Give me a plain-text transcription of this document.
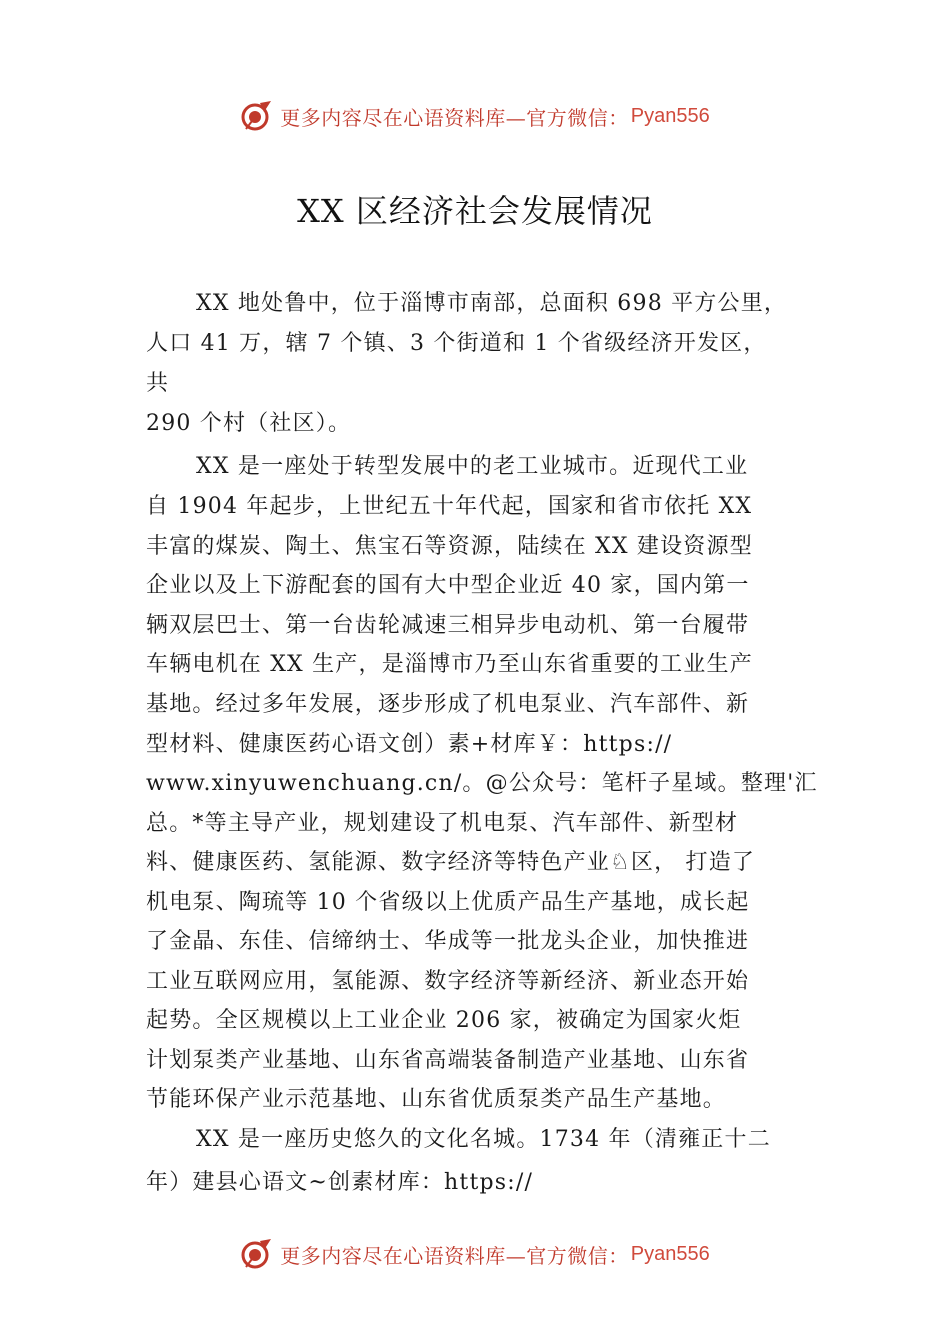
更多内容尽在心语资料库—官方微信： Pyan556
XX 区经济社会发展情况
XX 地处鲁中，位于淄博市南部，总面积 698 平方公里，
人口 41 万，辖 7 个镇、3 个街道和 1 个省级经济开发区，
共
290 个村（社区）。
XX 是一座处于转型发展中的老工业城市。近现代工业
自 1904 年起步，上世纪五十年代起，国家和省市依托 XX
丰富的煤炭、陶土、焦宝石等资源，陆续在 XX 建设资源型
企业以及上下游配套的国有大中型企业近 40 家，国内第一
辆双层巴士、第一台齿轮减速三相异步电动机、第一台履带
车辆电机在 XX 生产，是淄博市乃至山东省重要的工业生产
基地。经过多年发展，逐步形成了机电泵业、汽车部件、新
型材料、健康医药心语文创）素+材库￥：https://
www.xinyuwenchuang.cn/。@公众号：笔杆子星域。整理'汇
总。*等主导产业，规划建设了机电泵、汽车部件、新型材
料、健康医药、氢能源、数字经济等特色产业♘区， 打造了
机电泵、陶琉等 10 个省级以上优质产品生产基地，成长起
了金晶、东佳、信缔纳士、华成等一批龙头企业，加快推进
工业互联网应用，氢能源、数字经济等新经济、新业态开始
起势。全区规模以上工业企业 206 家，被确定为国家火炬
计划泵类产业基地、山东省高端装备制造产业基地、山东省
节能环保产业示范基地、山东省优质泵类产品生产基地。
XX 是一座历史悠久的文化名城。1734 年（清雍正十二
年）建县心语文~创素材库：https://
更多内容尽在心语资料库—官方微信： Pyan556
